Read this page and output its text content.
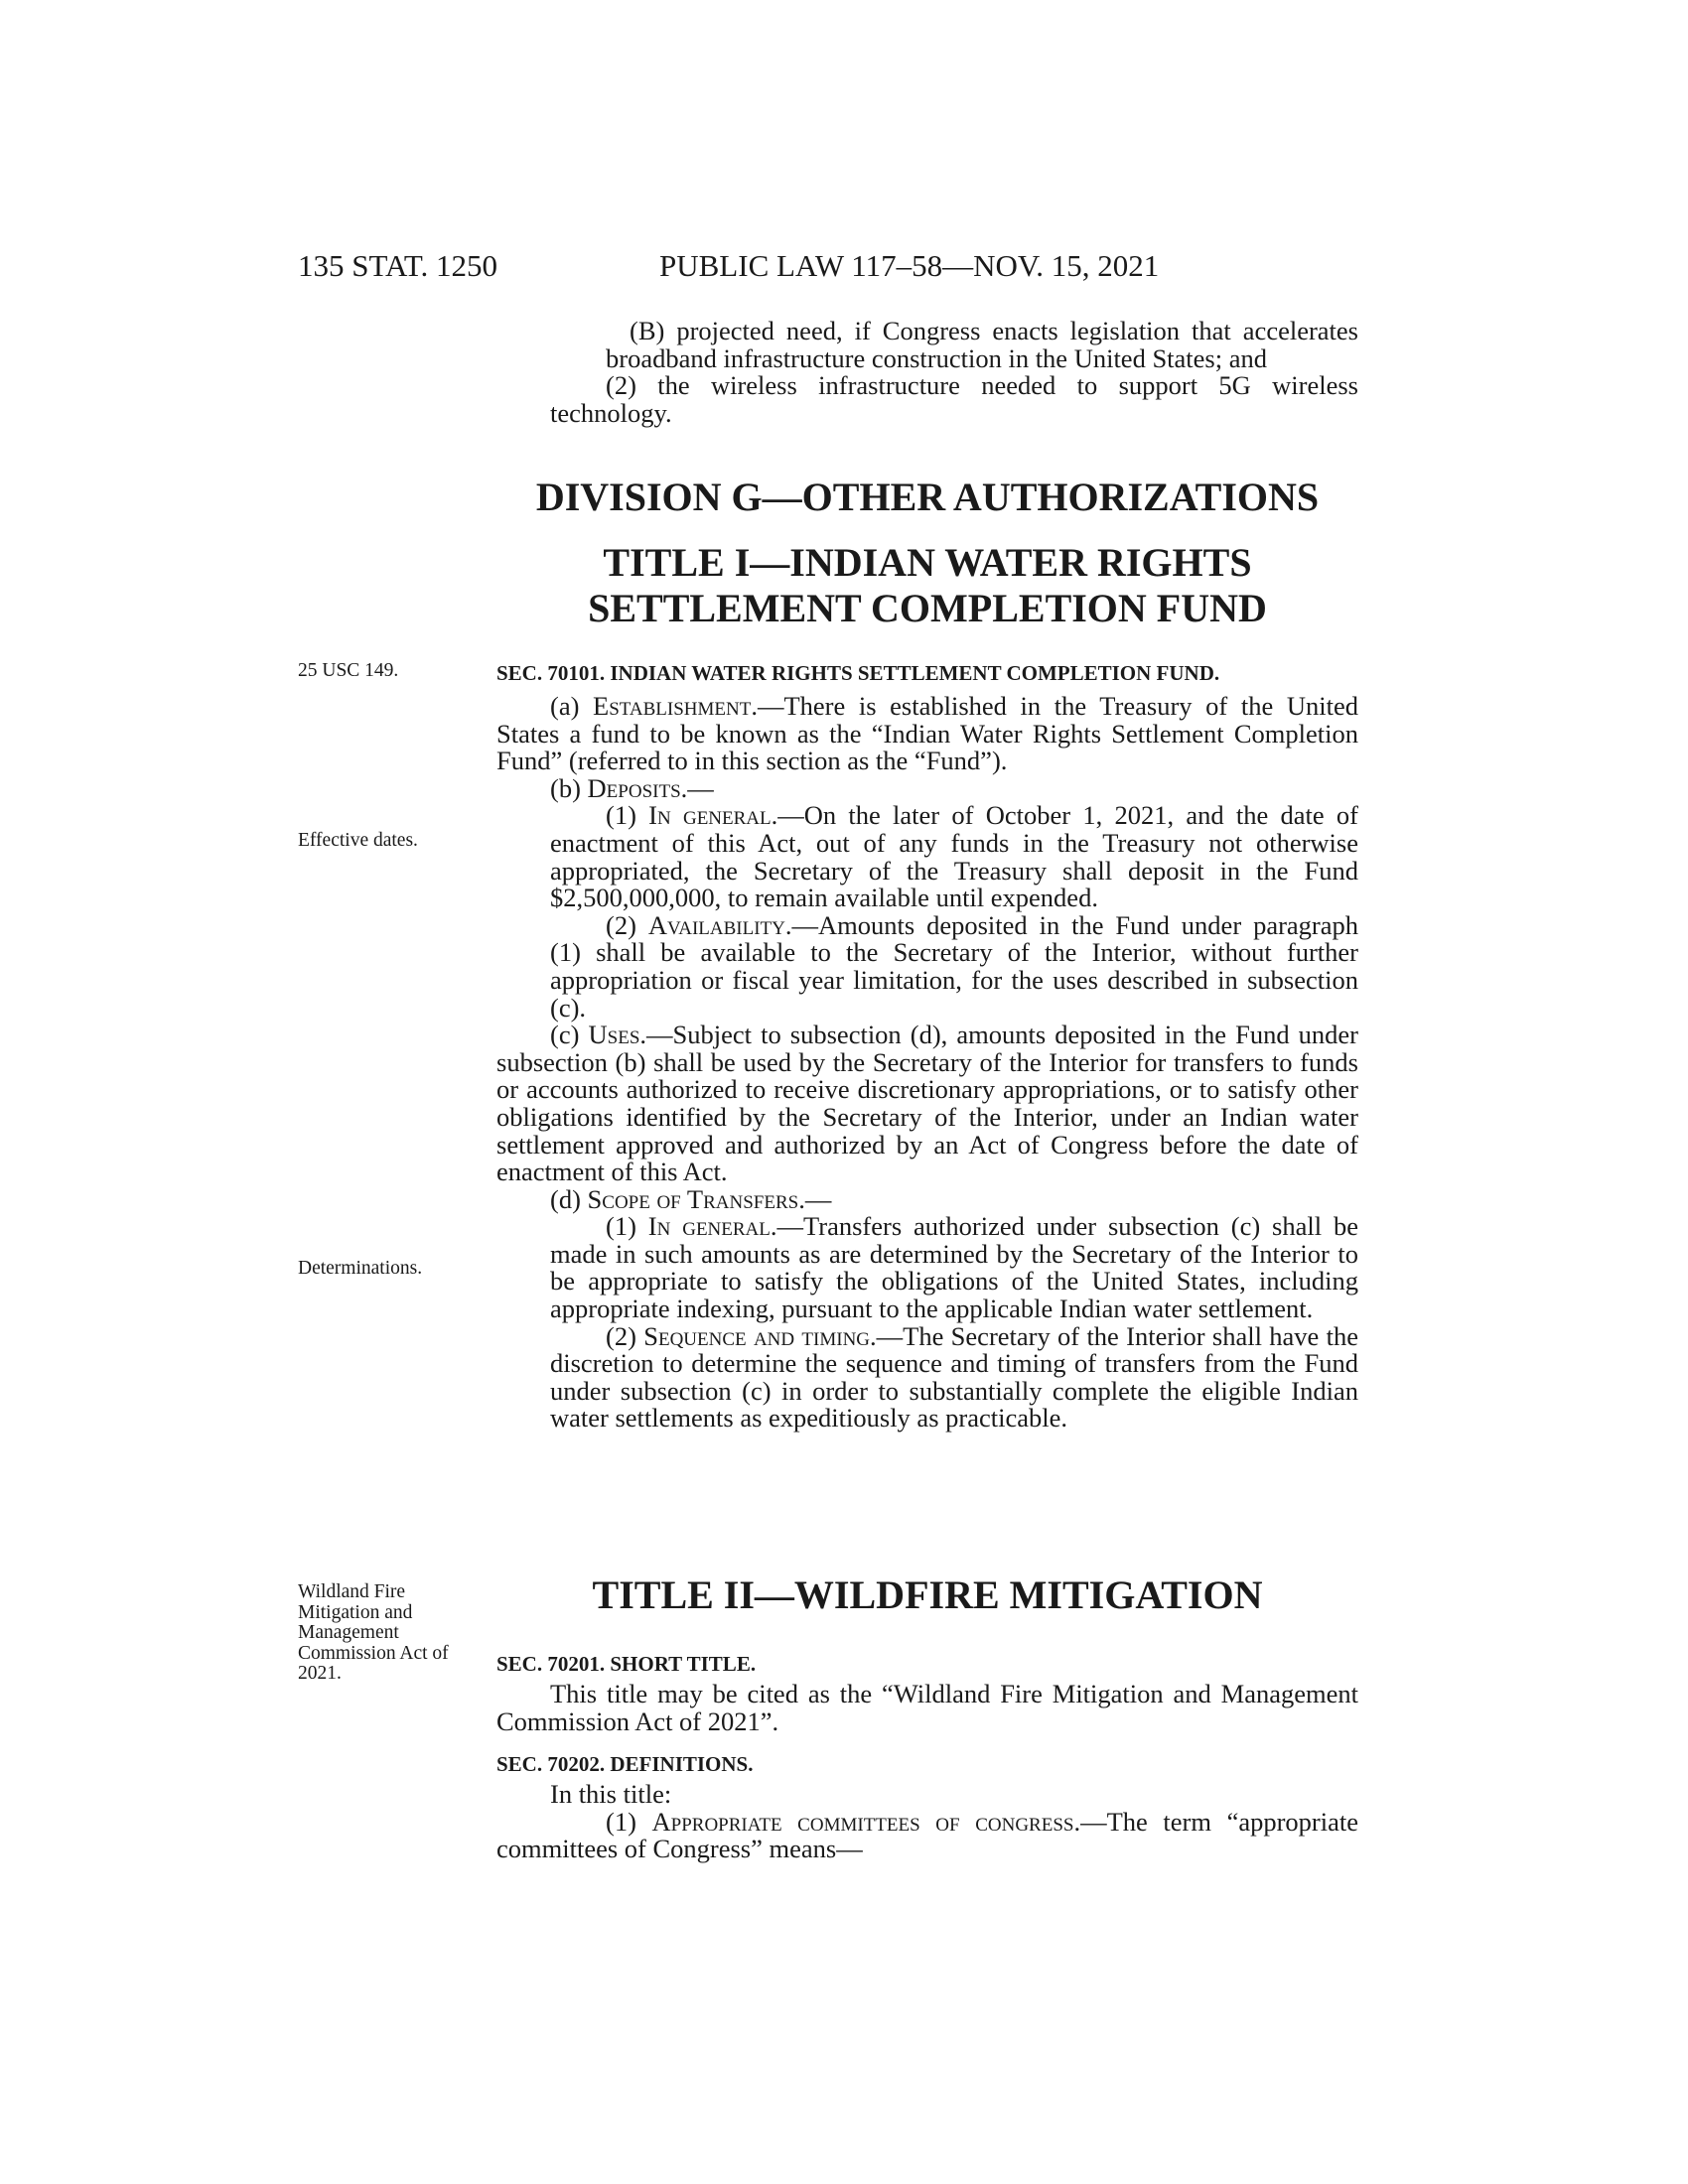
135 STAT. 1250	PUBLIC LAW 117–58—NOV. 15, 2021

(B) projected need, if Congress enacts legislation that accelerates broadband infrastructure construction in the United States; and

(2) the wireless infrastructure needed to support 5G wireless technology.

DIVISION G—OTHER AUTHORIZATIONS
TITLE I—INDIAN WATER RIGHTS
SETTLEMENT COMPLETION FUND

25 USC 149.	SEC. 70101. INDIAN WATER RIGHTS SETTLEMENT COMPLETION FUND.

(a) Establishment.—There is established in the Treasury of the United States a fund to be known as the “Indian Water Rights Settlement Completion Fund” (referred to in this section as the “Fund”).

(b) Deposits.—

(1) In general.—On the later of October 1, 2021, and the date of enactment of this Act, out of any funds in the Treasury not otherwise appropriated, the Secretary of the Treasury shall deposit in the Fund $2,500,000,000, to remain available until expended.

(2) Availability.—Amounts deposited in the Fund under paragraph (1) shall be available to the Secretary of the Interior, without further appropriation or fiscal year limitation, for the uses described in subsection (c).

(c) Uses.—Subject to subsection (d), amounts deposited in the Fund under subsection (b) shall be used by the Secretary of the Interior for transfers to funds or accounts authorized to receive discretionary appropriations, or to satisfy other obligations identified by the Secretary of the Interior, under an Indian water settlement approved and authorized by an Act of Congress before the date of enactment of this Act.

(d) Scope of Transfers.—

(1) In general.—Transfers authorized under subsection (c) shall be made in such amounts as are determined by the Secretary of the Interior to be appropriate to satisfy the obligations of the United States, including appropriate indexing, pursuant to the applicable Indian water settlement.

(2) Sequence and timing.—The Secretary of the Interior shall have the discretion to determine the sequence and timing of transfers from the Fund under subsection (c) in order to substantially complete the eligible Indian water settlements as expeditiously as practicable.

Effective dates.

Determinations.

TITLE II—WILDFIRE MITIGATION

Wildland Fire Mitigation and Management Commission Act of 2021.	SEC. 70201. SHORT TITLE.

This title may be cited as the “Wildland Fire Mitigation and Management Commission Act of 2021”.

SEC. 70202. DEFINITIONS.

In this title:

(1) Appropriate committees of congress.—The term “appropriate committees of Congress” means—
